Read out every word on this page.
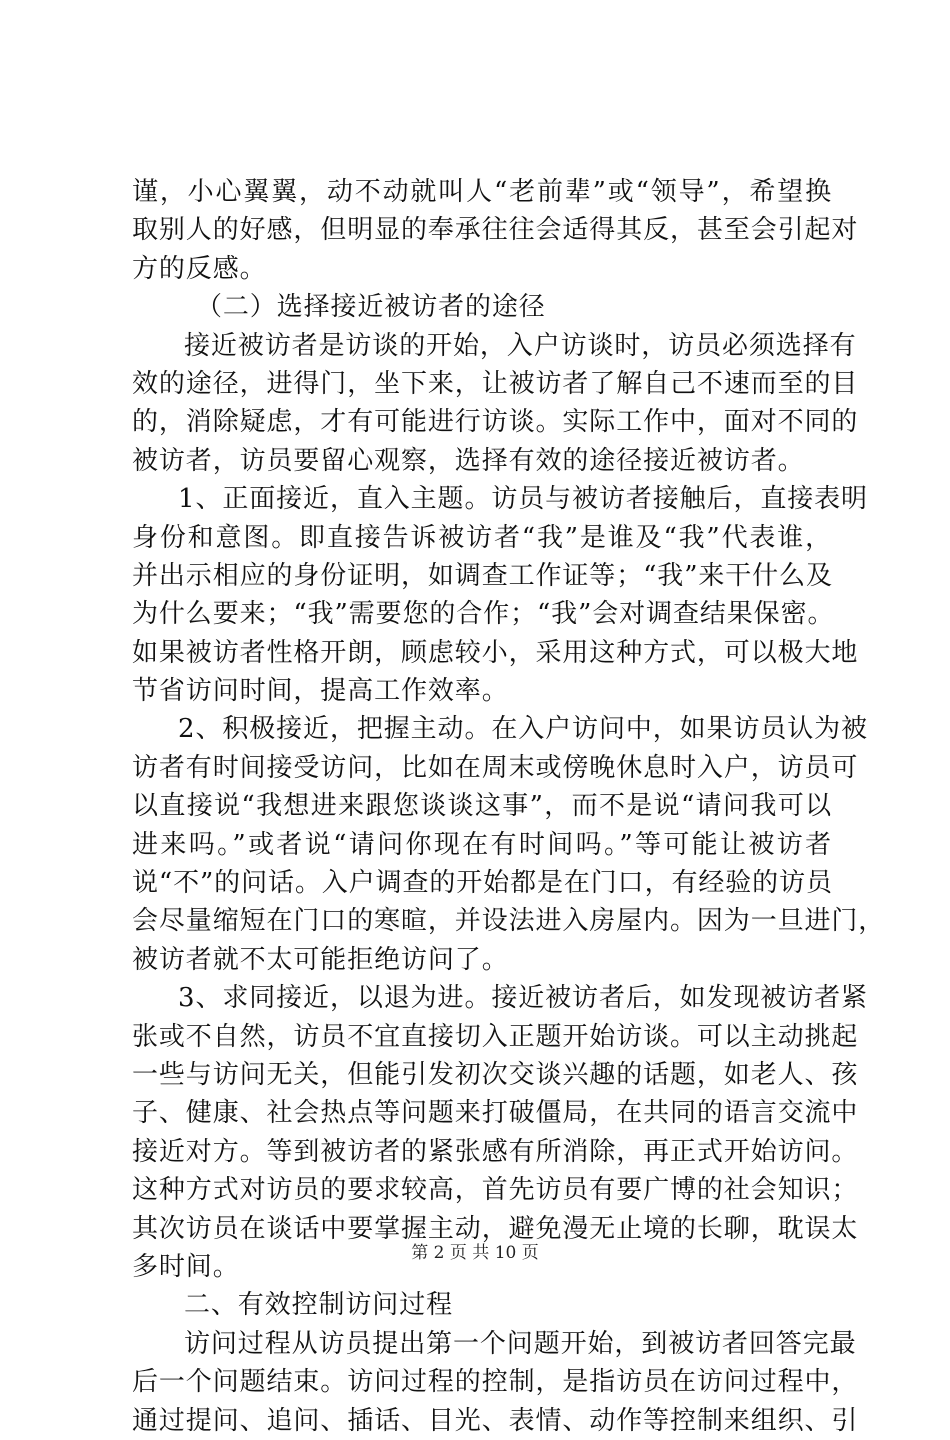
谨，小心翼翼，动不动就叫人“老前辈”或“领导”，希望换
取别人的好感，但明显的奉承往往会适得其反，甚至会引起对
方的反感。
（二）选择接近被访者的途径
接近被访者是访谈的开始，入户访谈时，访员必须选择有
效的途径，进得门，坐下来，让被访者了解自己不速而至的目
的，消除疑虑，才有可能进行访谈。实际工作中，面对不同的
被访者，访员要留心观察，选择有效的途径接近被访者。
1、正面接近，直入主题。访员与被访者接触后，直接表明
身份和意图。即直接告诉被访者“我”是谁及“我”代表谁，
并出示相应的身份证明，如调查工作证等；“我”来干什么及
为什么要来；“我”需要您的合作；“我”会对调查结果保密。
如果被访者性格开朗，顾虑较小，采用这种方式，可以极大地
节省访问时间，提高工作效率。
2、积极接近，把握主动。在入户访问中，如果访员认为被
访者有时间接受访问，比如在周末或傍晚休息时入户，访员可
以直接说“我想进来跟您谈谈这事”，而不是说“请问我可以
进来吗。”或者说“请问你现在有时间吗。”等可能让被访者
说“不”的问话。入户调查的开始都是在门口，有经验的访员
会尽量缩短在门口的寒暄，并设法进入房屋内。因为一旦进门，
被访者就不太可能拒绝访问了。
3、求同接近，以退为进。接近被访者后，如发现被访者紧
张或不自然，访员不宜直接切入正题开始访谈。可以主动挑起
一些与访问无关，但能引发初次交谈兴趣的话题，如老人、孩
子、健康、社会热点等问题来打破僵局，在共同的语言交流中
接近对方。等到被访者的紧张感有所消除，再正式开始访问。
这种方式对访员的要求较高，首先访员有要广博的社会知识；
其次访员在谈话中要掌握主动，避免漫无止境的长聊，耽误太
多时间。
二、有效控制访问过程
访问过程从访员提出第一个问题开始，到被访者回答完最
后一个问题结束。访问过程的控制，是指访员在访问过程中，
通过提问、追问、插话、目光、表情、动作等控制来组织、引
第 2 页 共 10 页
